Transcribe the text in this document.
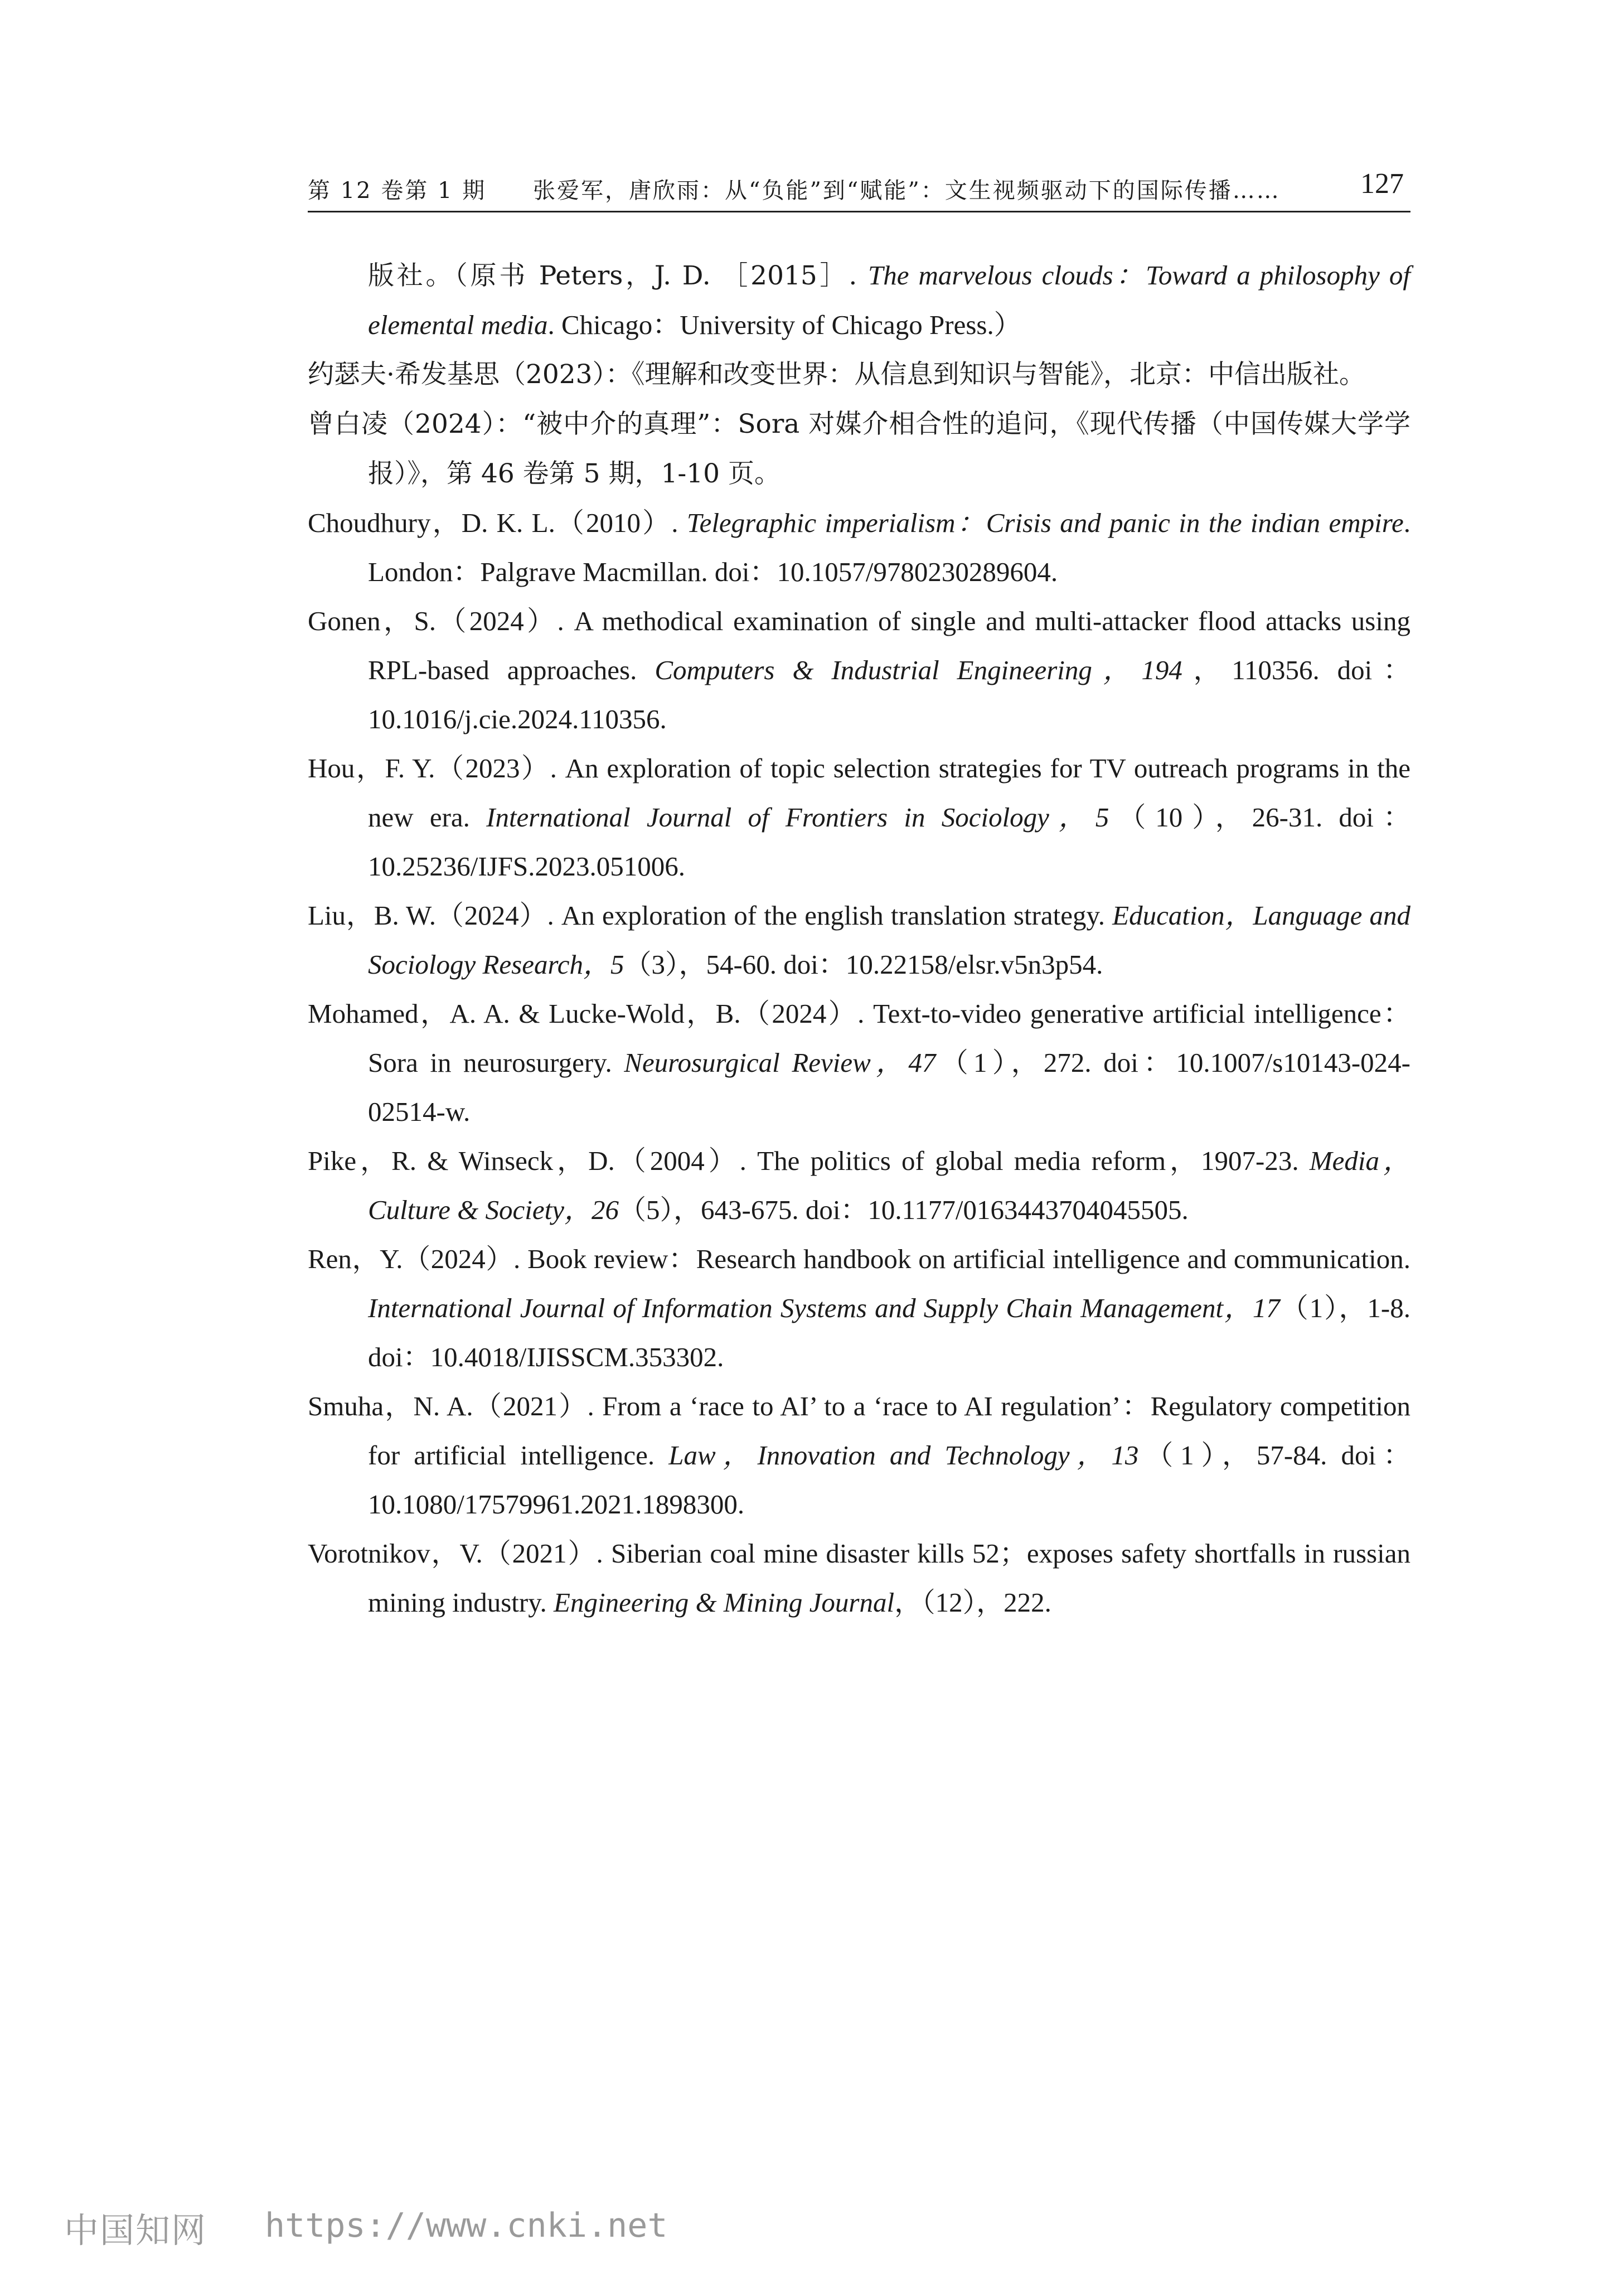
第 12 卷第 1 期 张爱军，唐欣雨：从“负能”到“赋能”：文生视频驱动下的国际传播……	127
版社。（原书 Peters，J. D. ［2015］. The marvelous clouds：Toward a philosophy of elemental media. Chicago：University of Chicago Press.）
约瑟夫·希发基思（2023）：《理解和改变世界：从信息到知识与智能》，北京：中信出版社。
曾白凌（2024）：“被中介的真理”：Sora 对媒介相合性的追问，《现代传播（中国传媒大学学报）》，第 46 卷第 5 期，1-10 页。
Choudhury，D. K. L.（2010）. Telegraphic imperialism：Crisis and panic in the indian empire. London：Palgrave Macmillan. doi：10.1057/9780230289604.
Gonen，S.（2024）. A methodical examination of single and multi-attacker flood attacks using RPL-based approaches. Computers & Industrial Engineering，194，110356. doi：10.1016/j.cie.2024.110356.
Hou，F. Y.（2023）. An exploration of topic selection strategies for TV outreach programs in the new era. International Journal of Frontiers in Sociology，5（10），26-31. doi：10.25236/IJFS.2023.051006.
Liu，B. W.（2024）. An exploration of the english translation strategy. Education，Language and Sociology Research，5（3），54-60. doi：10.22158/elsr.v5n3p54.
Mohamed，A. A. & Lucke-Wold，B.（2024）. Text-to-video generative artificial intelligence：Sora in neurosurgery. Neurosurgical Review，47（1），272. doi：10.1007/s10143-024-02514-w.
Pike，R. & Winseck，D.（2004）. The politics of global media reform，1907-23. Media，Culture & Society，26（5），643-675. doi：10.1177/0163443704045505.
Ren，Y.（2024）. Book review：Research handbook on artificial intelligence and communication. International Journal of Information Systems and Supply Chain Management，17（1），1-8. doi：10.4018/IJISSCM.353302.
Smuha，N. A.（2021）. From a ‘race to AI’ to a ‘race to AI regulation’：Regulatory competition for artificial intelligence. Law，Innovation and Technology，13（1），57-84. doi：10.1080/17579961.2021.1898300.
Vorotnikov，V.（2021）. Siberian coal mine disaster kills 52；exposes safety shortfalls in russian mining industry. Engineering & Mining Journal，（12），222.
中国知网 https://www.cnki.net
